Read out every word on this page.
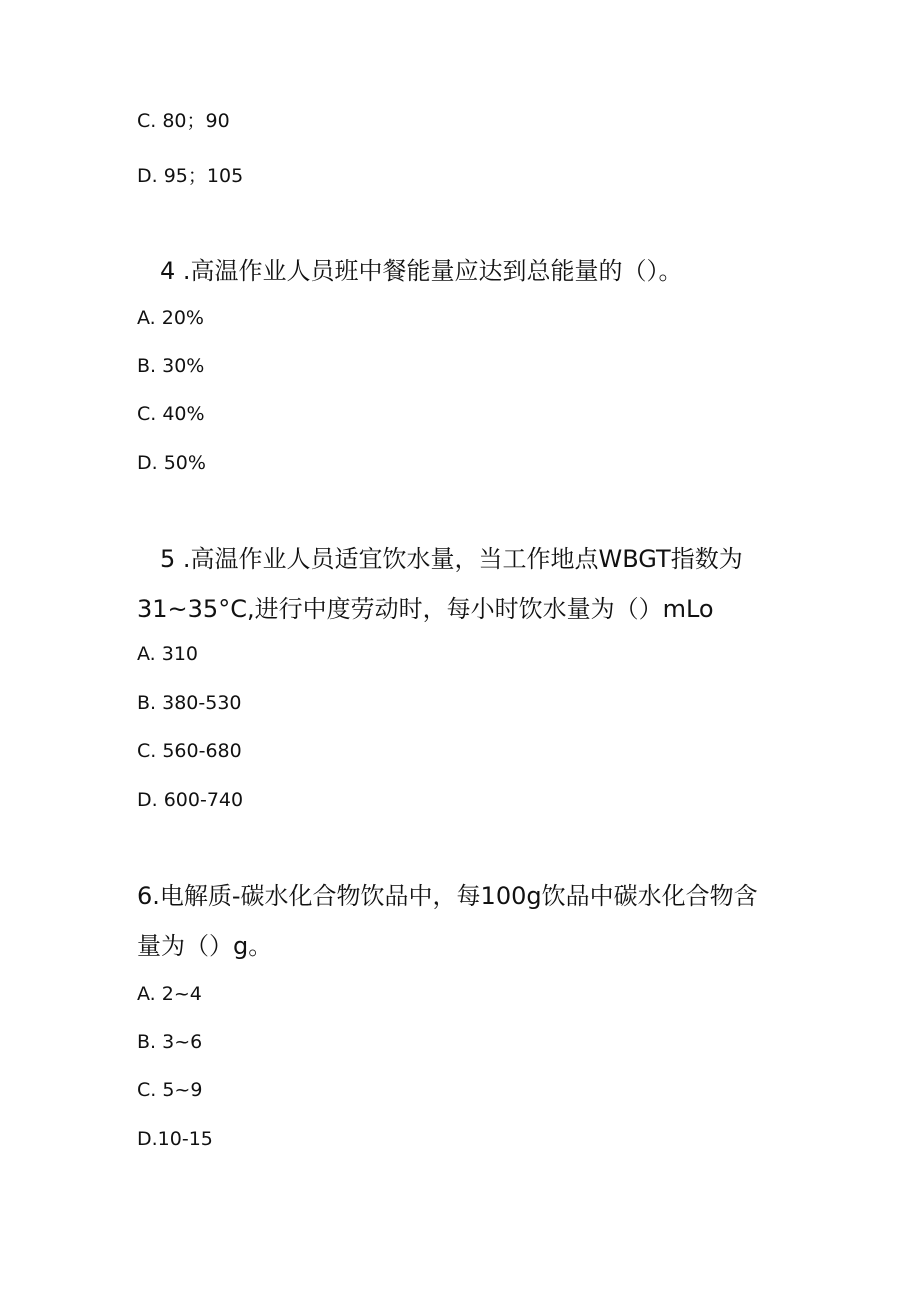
C. 80；90
D. 95；105
4 .高温作业人员班中餐能量应达到总能量的（）。
A. 20%
B. 30%
C. 40%
D. 50%
5 .高温作业人员适宜饮水量，当工作地点WBGT指数为
31~35°C,进行中度劳动时，每小时饮水量为（）mLo
A. 310
B. 380-530
C. 560-680
D. 600-740
6.电解质-碳水化合物饮品中，每100g饮品中碳水化合物含
量为（）g。
A. 2~4
B. 3~6
C. 5~9
D.10-15
